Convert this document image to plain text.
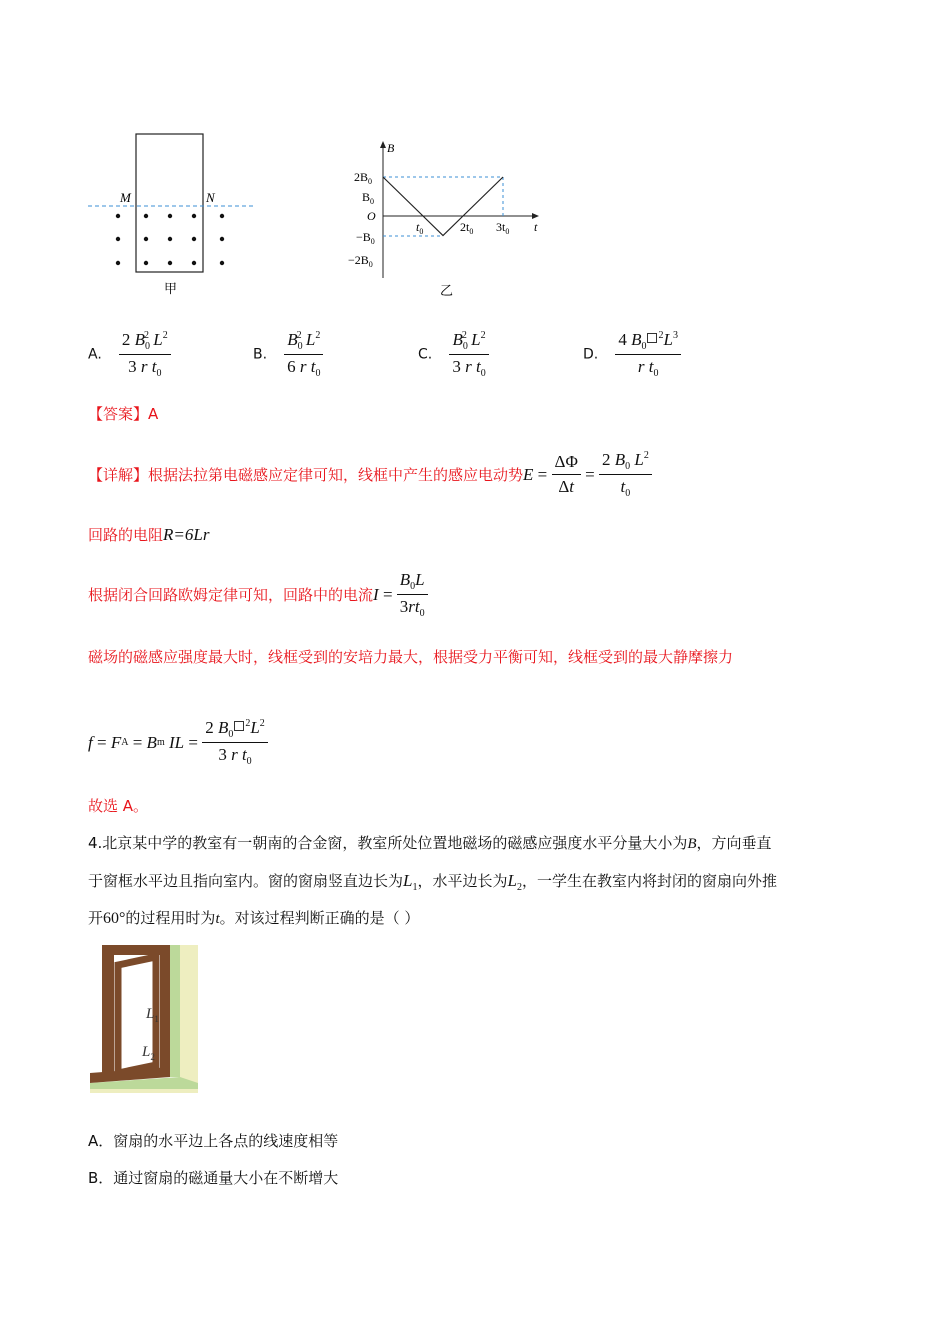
M	N
甲
B
t
O
$2B_0$
$B_0$
$-B_0$
$-2B_0$
$t_0$	$2t_0$ $3t_0$
乙
A. $\frac{2 B_0^2 L^2}{3 r t_0}$	B. $\frac{B_0^2 L^2}{6 r t_0}$	C. $\frac{B_0^2 L^2}{3 r t_0}$	D. $\frac{4 B_0^2L^3}{r t_0}$
【答案】A
【详解】 根据法拉第电磁感应定律可知，线框中产生的感应电动势 $E = \frac{\Delta\Phi}{\Delta t} = \frac{2 B_0 L^2}{t_0}$
回路的电阻R=6Lr
根据闭合回路欧姆定律可知，回路中的电流 $I = \frac{B_0L}{3rt_0}$
磁场的磁感应强度最大时，线框受到的安培力最大，根据受力平衡可知，线框受到的最大静摩擦力
f = F A = B m
IL = $\frac{2 B_0^2L^2}{3 r t_0}$
故选 A。
4.北京某中学的教室有一朝南的合金窗，教室所处位置地磁场的磁感应强度水平分量大小为B，方向垂直
于窗框水平边且指向室内。窗的窗扇竖直边长为$L_1$，水平边长为$L_2$，一学生在教室内将封闭的窗扇向外推
开60°的过程用时为t。对该过程判断正确的是（ ）
$L_1$
$L_2$
A．窗扇的水平边上各点的线速度相等
B．通过窗扇的磁通量大小在不断增大
